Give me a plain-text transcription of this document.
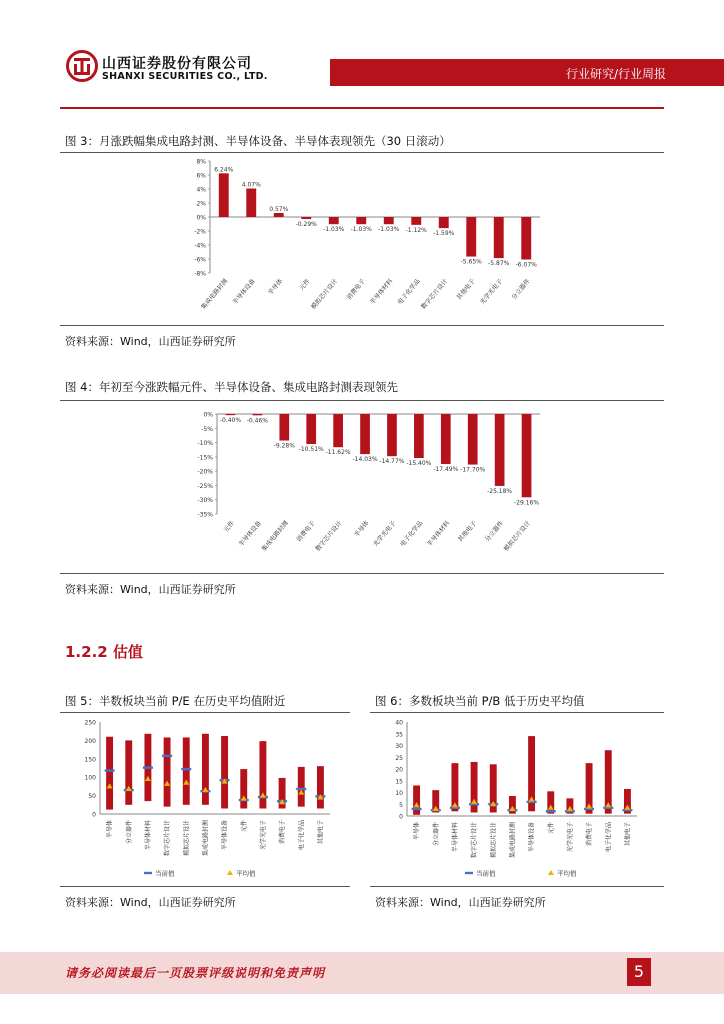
山西证券股份有限公司
SHANXI SECURITIES CO., LTD.	行业研究/行业周报
图 3：月涨跌幅集成电路封测、半导体设备、半导体表现领先（30 日滚动）
8%
6%
4%
2%
0%
-2%
-4%
-6%
-8%
6.24%
集成电路封测
4.07%
半导体设备
0.57%
半导体
-0.29%
元件
-1.03%
模拟芯片设计
-1.03%
消费电子
-1.03%
半导体材料
-1.12%
电子化学品
-1.59%
数字芯片设计
-5.65%
其他电子
-5.87%
光学光电子
-6.07%
分立器件
资料来源：Wind，山西证券研究所
图 4：年初至今涨跌幅元件、半导体设备、集成电路封测表现领先
0%
-5%
-10%
-15%
-20%
-25%
-30%
-35%
-0.40%
元件
-0.46%
半导体设备
-9.28%
集成电路封测
-10.51%
消费电子
-11.62%
数字芯片设计
-14.03%
半导体
-14.77%
光学光电子
-15.40%
电子化学品
-17.49%
半导体材料
-17.70%
其他电子
-25.18%
分立器件
-29.16%
模拟芯片设计
资料来源：Wind，山西证券研究所
1.2.2 估值
图 5：半数板块当前 P/E 在历史平均值附近
250
200
150
100
50
0
半导体 分立器件 半导体材料 数字芯片设计 模拟芯片设计 集成电路封测 半导体设备 元件 光学光电子 消费电子 电子化学品 其他电子
当前值	平均值
资料来源：Wind，山西证券研究所
图 6：多数板块当前 P/B 低于历史平均值
40
35
30
25
20
15
10
5
0
半导体 分立器件 半导体材料 数字芯片设计 模拟芯片设计 集成电路封测 半导体设备 元件 光学光电子 消费电子 电子化学品 其他电子
当前值	平均值
资料来源：Wind，山西证券研究所
请务必阅读最后一页股票评级说明和免责声明	5
